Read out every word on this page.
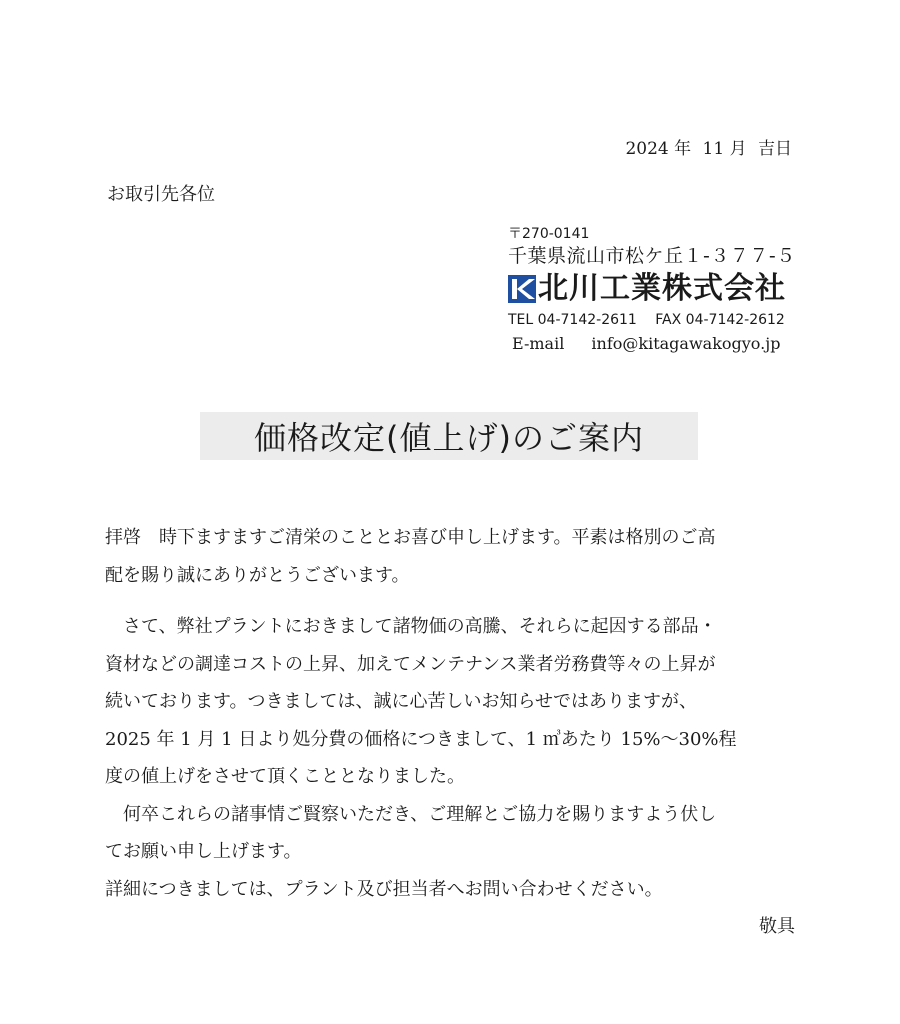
2024 年 11 月 吉日
お取引先各位
〒270-0141
千葉県流山市松ケ丘１-３７７-５
北川工業株式会社
TEL 04-7142-2611 FAX 04-7142-2612
E-mail info@kitagawakogyo.jp
価格改定(値上げ)のご案内

拝啓　時下ますますご清栄のこととお喜び申し上げます。平素は格別のご高

配を賜り誠にありがとうございます。

　さて、弊社プラントにおきまして諸物価の高騰、それらに起因する部品・

資材などの調達コストの上昇、加えてメンテナンス業者労務費等々の上昇が

続いております。つきましては、誠に心苦しいお知らせではありますが、

2025 年 1 月 1 日より処分費の価格につきまして、1 ㎥あたり 15%～30%程

度の値上げをさせて頂くこととなりました。

　何卒これらの諸事情ご賢察いただき、ご理解とご協力を賜りますよう伏し

てお願い申し上げます。

詳細につきましては、プラント及び担当者へお問い合わせください。

敬具
